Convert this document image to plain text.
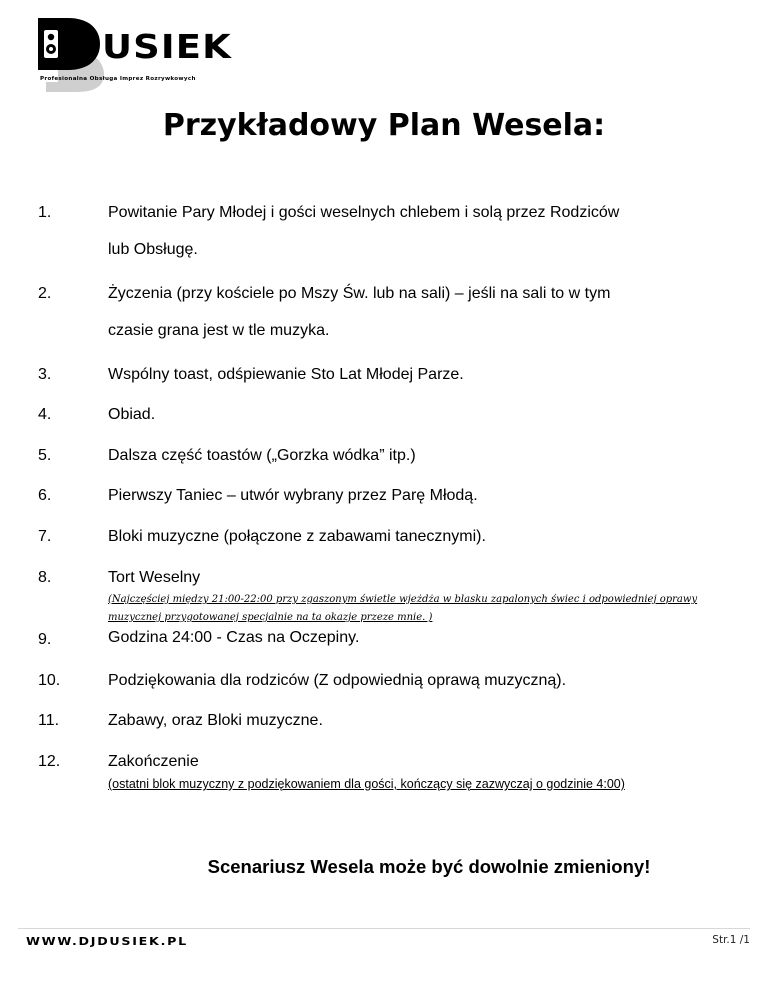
USIEK
Profesionalna Obsługa Imprez Rozrywkowych
Przykładowy Plan Wesela:
1.	Powitanie Pary Młodej i gości weselnych chlebem i solą przez Rodziców
lub Obsługę.
2.	Życzenia (przy kościele po Mszy Św. lub na sali) – jeśli na sali to w tym
czasie grana jest w tle muzyka.
3.	Wspólny toast, odśpiewanie Sto Lat Młodej Parze.
4.	Obiad.
5.	Dalsza część toastów („Gorzka wódka” itp.)
6.	Pierwszy Taniec – utwór wybrany przez Parę Młodą.
7.	Bloki muzyczne (połączone z zabawami tanecznymi).
8.	Tort Weselny
(Najczęściej między 21:00-22:00 przy zgaszonym świetle wjeżdża w blasku zapalonych świec i odpowiedniej oprawy muzycznej przygotowanej specjalnie na ta okazje przeze mnie. )
9.	Godzina 24:00 - Czas na Oczepiny.
10.	Podziękowania dla rodziców (Z odpowiednią oprawą muzyczną).
11.	Zabawy, oraz Bloki muzyczne.
12.	Zakończenie
(ostatni blok muzyczny z podziękowaniem dla gości, kończący się zazwyczaj o godzinie 4:00)
Scenariusz Wesela może być dowolnie zmieniony!
WWW.DJDUSIEK.PL	Str.1 /1
